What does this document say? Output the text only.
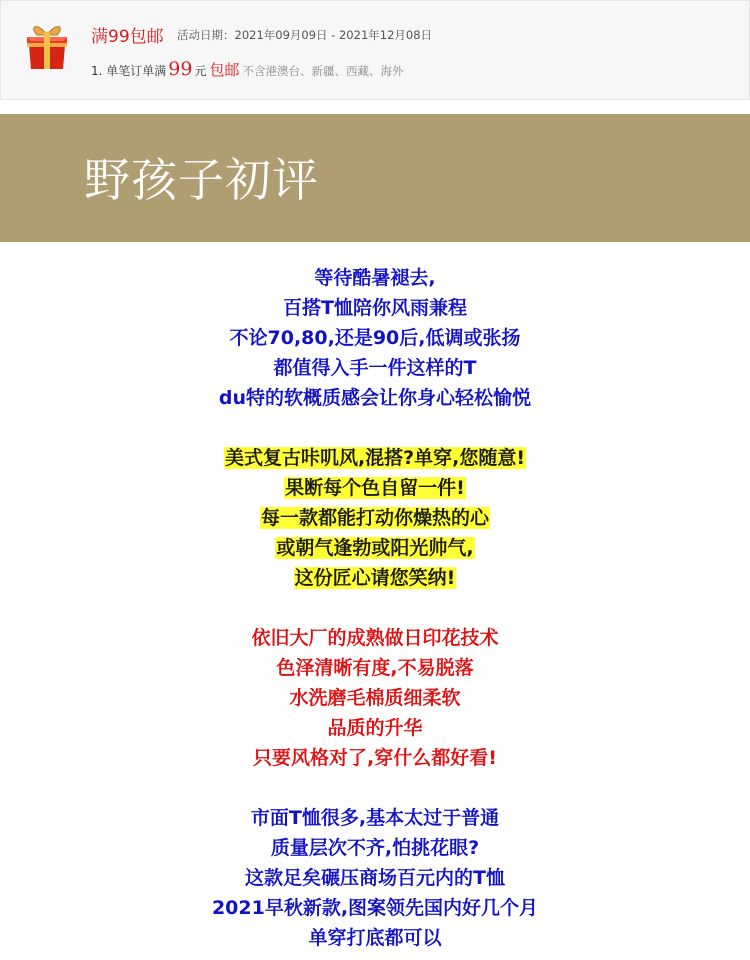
满99包邮 活动日期：2021年09月09日 - 2021年12月08日
1. 单笔订单满 99 元 包邮 不含港澳台、新疆、西藏、海外
野孩子初评
等待酷暑褪去,
百搭T恤陪你风雨兼程
不论70,80,还是90后,低调或张扬
都值得入手一件这样的T
du特的软概质感会让你身心轻松愉悦
美式复古咔叽风,混搭?单穿,您随意!
果断每个色自留一件!
每一款都能打动你燥热的心
或朝气逢勃或阳光帅气,
这份匠心请您笑纳!
依旧大厂的成熟做日印花技术
色泽清晰有度,不易脱落
水洗磨毛棉质细柔软
品质的升华
只要风格对了,穿什么都好看!
市面T恤很多,基本太过于普通
质量层次不齐,怕挑花眼?
这款足矣碾压商场百元内的T恤
2021早秋新款,图案领先国内好几个月
单穿打底都可以
